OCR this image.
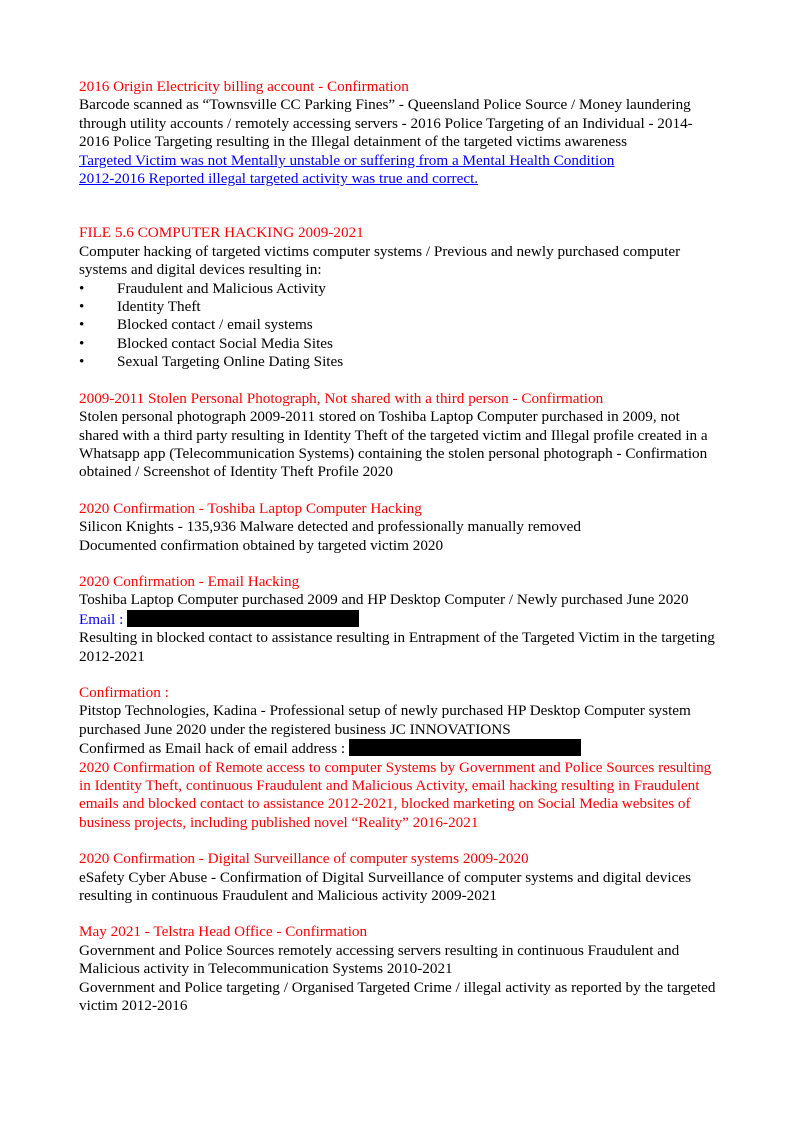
2016 Origin Electricity billing account - Confirmation

Barcode scanned as “Townsville CC Parking Fines” - Queensland Police Source / Money laundering through utility accounts / remotely accessing servers - 2016 Police Targeting of an Individual - 2014-2016 Police Targeting resulting in the Illegal detainment of the targeted victims awareness

Targeted Victim was not Mentally unstable or suffering from a Mental Health Condition

2012-2016 Reported illegal targeted activity was true and correct.

FILE 5.6 COMPUTER HACKING 2009-2021

Computer hacking of targeted victims computer systems / Previous and newly purchased computer systems and digital devices resulting in:

• Fraudulent and Malicious Activity
• Identity Theft
• Blocked contact / email systems
• Blocked contact Social Media Sites
• Sexual Targeting Online Dating Sites

2009-2011 Stolen Personal Photograph, Not shared with a third person - Confirmation

Stolen personal photograph 2009-2011 stored on Toshiba Laptop Computer purchased in 2009, not shared with a third party resulting in Identity Theft of the targeted victim and Illegal profile created in a Whatsapp app (Telecommunication Systems) containing the stolen personal photograph - Confirmation obtained / Screenshot of Identity Theft Profile 2020

2020 Confirmation - Toshiba Laptop Computer Hacking

Silicon Knights - 135,936 Malware detected and professionally manually removed

Documented confirmation obtained by targeted victim 2020

2020 Confirmation - Email Hacking

Toshiba Laptop Computer purchased 2009 and HP Desktop Computer / Newly purchased June 2020

Email :

Resulting in blocked contact to assistance resulting in Entrapment of the Targeted Victim in the targeting 2012-2021

Confirmation :

Pitstop Technologies, Kadina - Professional setup of newly purchased HP Desktop Computer system purchased June 2020 under the registered business JC INNOVATIONS

Confirmed as Email hack of email address :

2020 Confirmation of Remote access to computer Systems by Government and Police Sources resulting in Identity Theft, continuous Fraudulent and Malicious Activity, email hacking resulting in Fraudulent emails and blocked contact to assistance 2012-2021, blocked marketing on Social Media websites of business projects, including published novel “Reality” 2016-2021

2020 Confirmation - Digital Surveillance of computer systems 2009-2020

eSafety Cyber Abuse - Confirmation of Digital Surveillance of computer systems and digital devices resulting in continuous Fraudulent and Malicious activity 2009-2021

May 2021 - Telstra Head Office - Confirmation

Government and Police Sources remotely accessing servers resulting in continuous Fraudulent and Malicious activity in Telecommunication Systems 2010-2021

Government and Police targeting / Organised Targeted Crime / illegal activity as reported by the targeted victim 2012-2016
